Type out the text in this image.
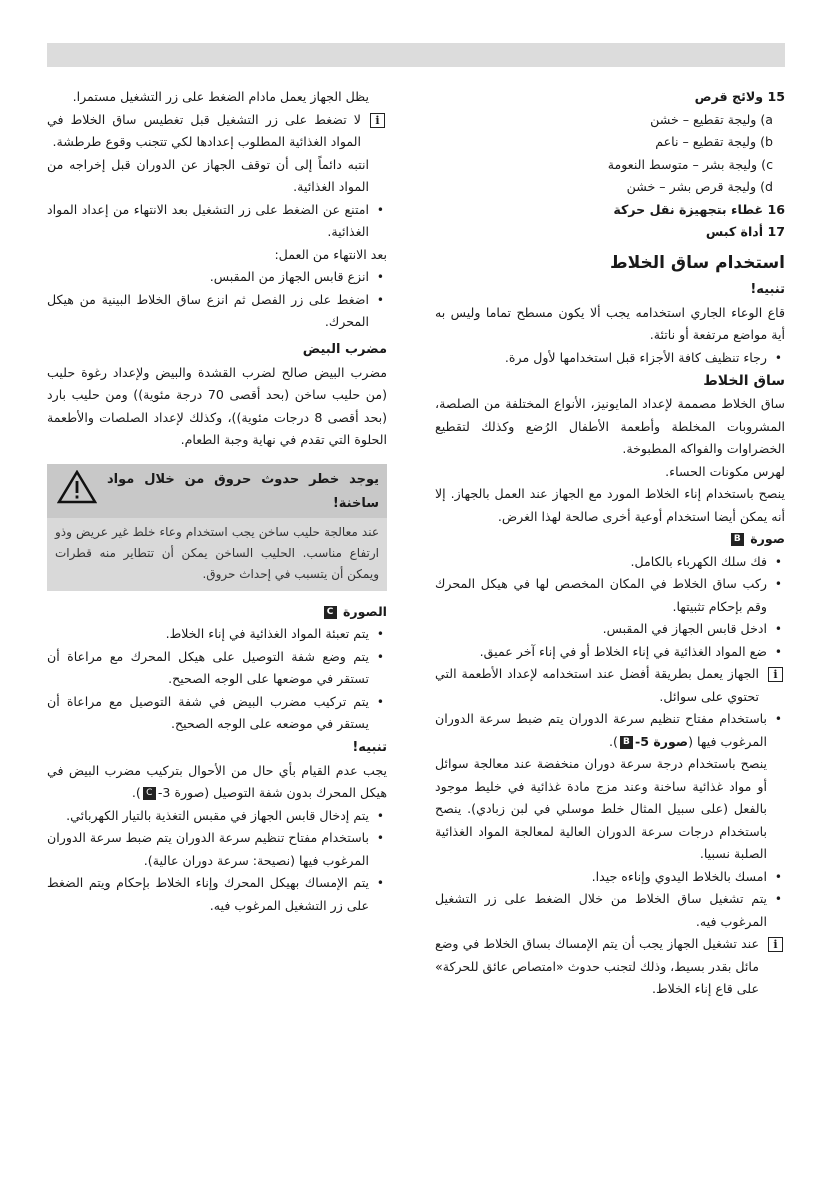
15 ولائج قرص

a) وليجة تقطيع – خشن
b) وليجة تقطيع – ناعم
c) وليجة بشر – متوسط النعومة
d) وليجة قرص بشر – خشن

16 غطاء بتجهيزة نقل حركة

17 أداة كبس

استخدام ساق الخلاط

تنبيه!

قاع الوعاء الجاري استخدامه يجب ألا يكون مسطح تماما وليس به أية مواضع مرتفعة أو ناتئة.

• رجاء تنظيف كافة الأجزاء قبل استخدامها لأول مرة.

ساق الخلاط

ساق الخلاط مصممة لإعداد المايونيز، الأنواع المختلفة من الصلصة، المشروبات المخلطة وأطعمة الأطفال الرُضع وكذلك لتقطيع الخضراوات والفواكه المطبوخة.

لهرس مكونات الحساء.

ينصح باستخدام إناء الخلاط المورد مع الجهاز عند العمل بالجهاز. إلا أنه يمكن أيضا استخدام أوعية أخرى صالحة لهذا الغرض.

صورة B

• فك سلك الكهرباء بالكامل.
• ركب ساق الخلاط في المكان المخصص لها في هيكل المحرك وقم بإحكام تثبيتها.
• ادخل قابس الجهاز في المقبس.
• ضع المواد الغذائية في إناء الخلاط أو في إناء آخر عميق.
i
الجهاز يعمل بطريقة أفضل عند استخدامه لإعداد الأطعمة التي تحتوي على سوائل.
• باستخدام مفتاح تنظيم سرعة الدوران يتم ضبط سرعة الدوران المرغوب فيها (صورة 5-B).

ينصح باستخدام درجة سرعة دوران منخفضة عند معالجة سوائل أو مواد غذائية ساخنة وعند مزج مادة غذائية في خليط موجود بالفعل (على سبيل المثال خلط موسلي في لبن زبادي). ينصح باستخدام درجات سرعة الدوران العالية لمعالجة المواد الغذائية الصلبة نسبيا.

• امسك بالخلاط اليدوي وإناءه جيدا.
• يتم تشغيل ساق الخلاط من خلال الضغط على زر التشغيل المرغوب فيه.
i
عند تشغيل الجهاز يجب أن يتم الإمساك بساق الخلاط في وضع مائل بقدر بسيط، وذلك لتجنب حدوث «امتصاص عائق للحركة» على قاع إناء الخلاط.

يظل الجهاز يعمل مادام الضغط على زر التشغيل مستمرا.

i
لا تضغط على زر التشغيل قبل تغطيس ساق الخلاط في المواد الغذائية المطلوب إعدادها لكي تتجنب وقوع طرطشة.

انتبه دائماً إلى أن توقف الجهاز عن الدوران قبل إخراجه من المواد الغذائية.

• امتنع عن الضغط على زر التشغيل بعد الانتهاء من إعداد المواد الغذائية.

بعد الانتهاء من العمل:

• انزع قابس الجهاز من المقبس.
• اضغط على زر الفصل ثم انزع ساق الخلاط البينية من هيكل المحرك.

مضرب البيض

مضرب البيض صالح لضرب القشدة والبيض ولإعداد رغوة حليب (من حليب ساخن (بحد أقصى 70 درجة مئوية)) ومن حليب بارد (بحد أقصى 8 درجات مئوية))، وكذلك لإعداد الصلصات والأطعمة الحلوة التي تقدم في نهاية وجبة الطعام.

يوجد خطر حدوث حروق من خلال مواد ساخنة!
عند معالجة حليب ساخن يجب استخدام وعاء خلط غير عريض وذو ارتفاع مناسب. الحليب الساخن يمكن أن تتطاير منه قطرات ويمكن أن يتسبب في إحداث حروق.

الصورة C

• يتم تعبئة المواد الغذائية في إناء الخلاط.
• يتم وضع شفة التوصيل على هيكل المحرك مع مراعاة أن تستقر في موضعها على الوجه الصحيح.
• يتم تركيب مضرب البيض في شفة التوصيل مع مراعاة أن يستقر في موضعه على الوجه الصحيح.

تنبيه!

يجب عدم القيام بأي حال من الأحوال بتركيب مضرب البيض في هيكل المحرك بدون شفة التوصيل (صورة 3-C).

• يتم إدخال قابس الجهاز في مقبس التغذية بالتيار الكهربائي.
• باستخدام مفتاح تنظيم سرعة الدوران يتم ضبط سرعة الدوران المرغوب فيها (نصيحة: سرعة دوران عالية).
• يتم الإمساك بهيكل المحرك وإناء الخلاط بإحكام ويتم الضغط على زر التشغيل المرغوب فيه.
